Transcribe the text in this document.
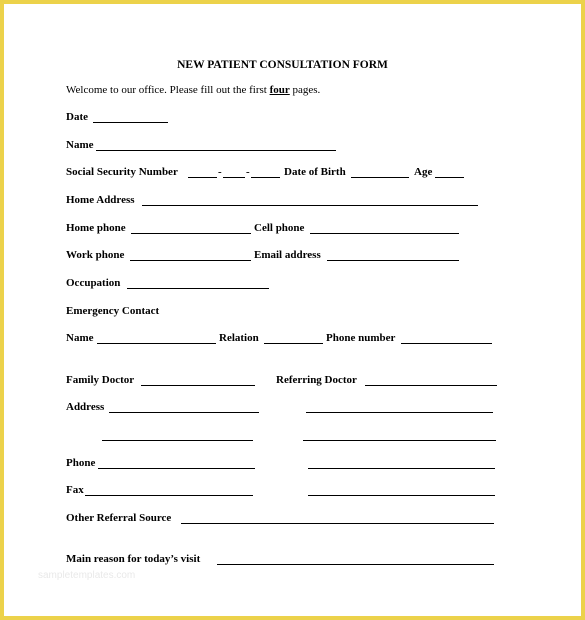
NEW PATIENT CONSULTATION FORM
Welcome to our office. Please fill out the first four pages.
Date
Name
Social Security Number	- -	Date of Birth	Age
Home Address
Home phone	Cell phone
Work phone	Email address
Occupation
Emergency Contact
Name	Relation	Phone number
Family Doctor	Referring Doctor
Address
Phone
Fax
Other Referral Source
Main reason for today’s visit
sampletemplates.com
